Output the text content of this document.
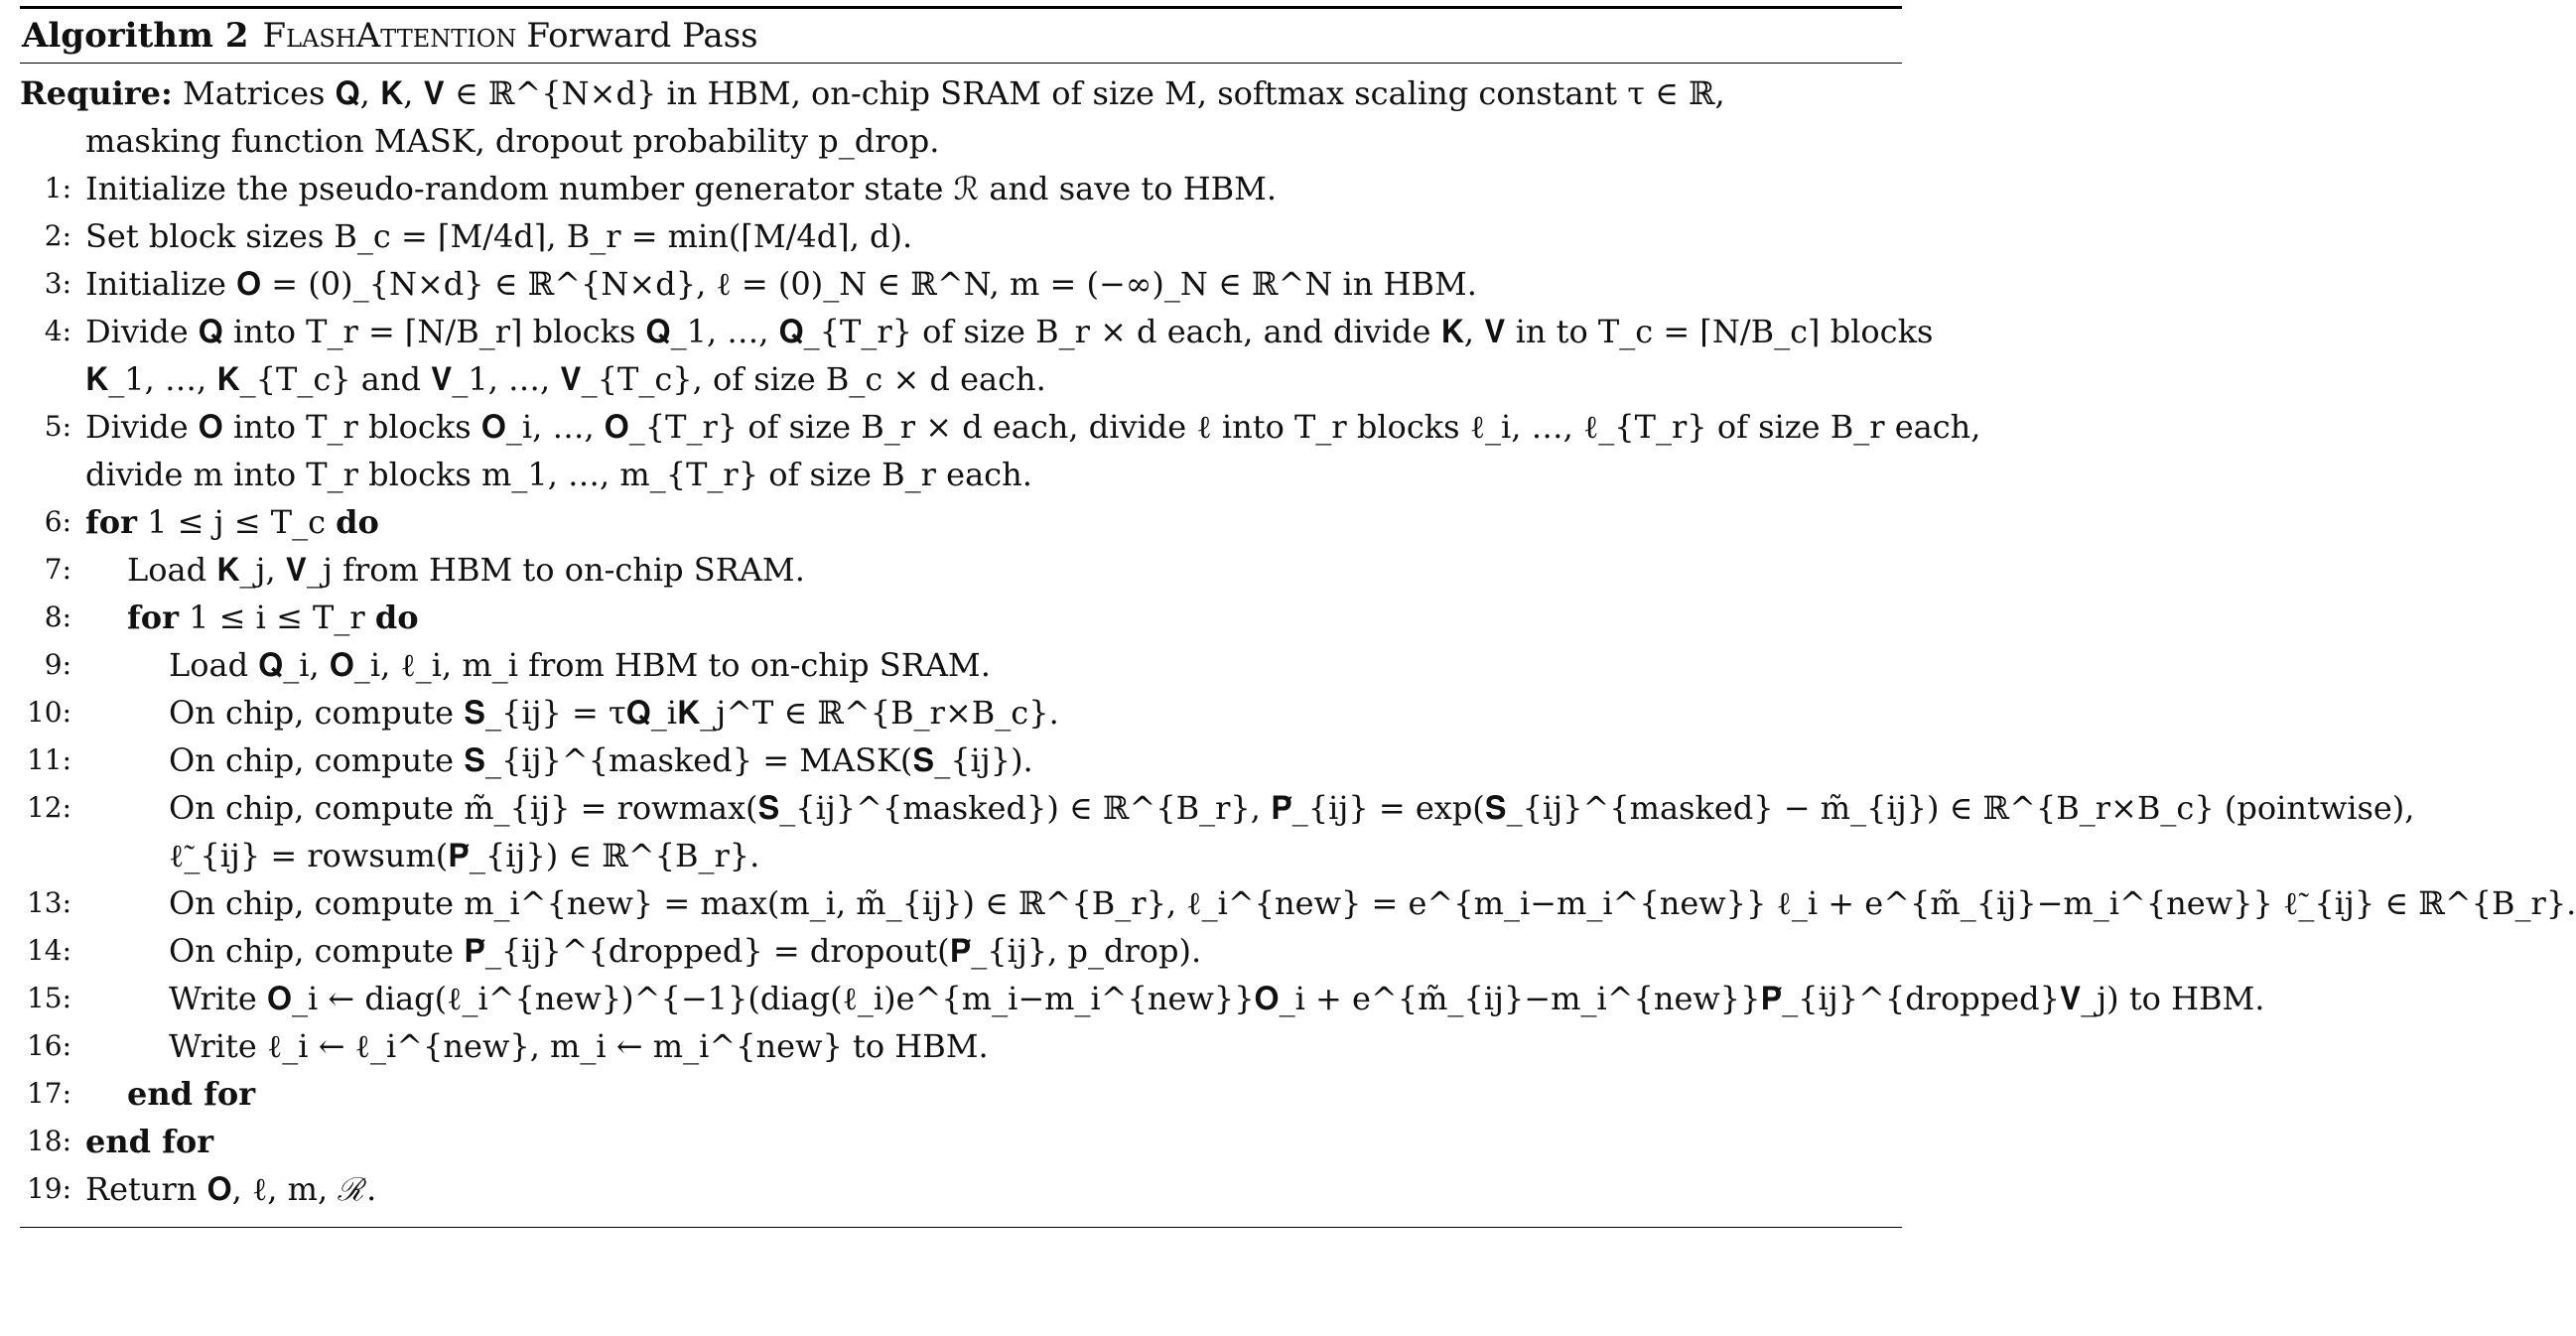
Algorithm 2 FlashAttention Forward Pass
Require: Matrices 𝐐, 𝐊, 𝐕 ∈ ℝ^{N×d} in HBM, on-chip SRAM of size M, softmax scaling constant τ ∈ ℝ,
masking function MASK, dropout probability p_drop.
1: Initialize the pseudo-random number generator state ℛ and save to HBM.
2: Set block sizes B_c = ⌈M/4d⌉, B_r = min(⌈M/4d⌉, d).
3: Initialize 𝐎 = (0)_{N×d} ∈ ℝ^{N×d}, ℓ = (0)_N ∈ ℝ^N, m = (−∞)_N ∈ ℝ^N in HBM.
4: Divide 𝐐 into T_r = ⌈N/B_r⌉ blocks 𝐐_1, …, 𝐐_{T_r} of size B_r × d each, and divide 𝐊, 𝐕 in to T_c = ⌈N/B_c⌉ blocks
𝐊_1, …, 𝐊_{T_c} and 𝐕_1, …, 𝐕_{T_c}, of size B_c × d each.
5: Divide 𝐎 into T_r blocks 𝐎_i, …, 𝐎_{T_r} of size B_r × d each, divide ℓ into T_r blocks ℓ_i, …, ℓ_{T_r} of size B_r each,
divide m into T_r blocks m_1, …, m_{T_r} of size B_r each.
6: for 1 ≤ j ≤ T_c do
7:	Load 𝐊_j, 𝐕_j from HBM to on-chip SRAM.
8:	for 1 ≤ i ≤ T_r do
9:	Load 𝐐_i, 𝐎_i, ℓ_i, m_i from HBM to on-chip SRAM.
10:	On chip, compute 𝐒_{ij} = τ𝐐_i𝐊_j^T ∈ ℝ^{B_r×B_c}.
11:	On chip, compute 𝐒_{ij}^{masked} = MASK(𝐒_{ij}).
12:	On chip, compute m̃_{ij} = rowmax(𝐒_{ij}^{masked}) ∈ ℝ^{B_r}, 𝐏̃_{ij} = exp(𝐒_{ij}^{masked} − m̃_{ij}) ∈ ℝ^{B_r×B_c} (pointwise),
ℓ̃_{ij} = rowsum(𝐏̃_{ij}) ∈ ℝ^{B_r}.
13:	On chip, compute m_i^{new} = max(m_i, m̃_{ij}) ∈ ℝ^{B_r}, ℓ_i^{new} = e^{m_i−m_i^{new}} ℓ_i + e^{m̃_{ij}−m_i^{new}} ℓ̃_{ij} ∈ ℝ^{B_r}.
14:	On chip, compute 𝐏̃_{ij}^{dropped} = dropout(𝐏̃_{ij}, p_drop).
15:	Write 𝐎_i ← diag(ℓ_i^{new})^{−1}(diag(ℓ_i)e^{m_i−m_i^{new}}𝐎_i + e^{m̃_{ij}−m_i^{new}}𝐏̃_{ij}^{dropped}𝐕_j) to HBM.
16:	Write ℓ_i ← ℓ_i^{new}, m_i ← m_i^{new} to HBM.
17:	end for
18: end for
19: Return 𝐎, ℓ, m, ℛ.
